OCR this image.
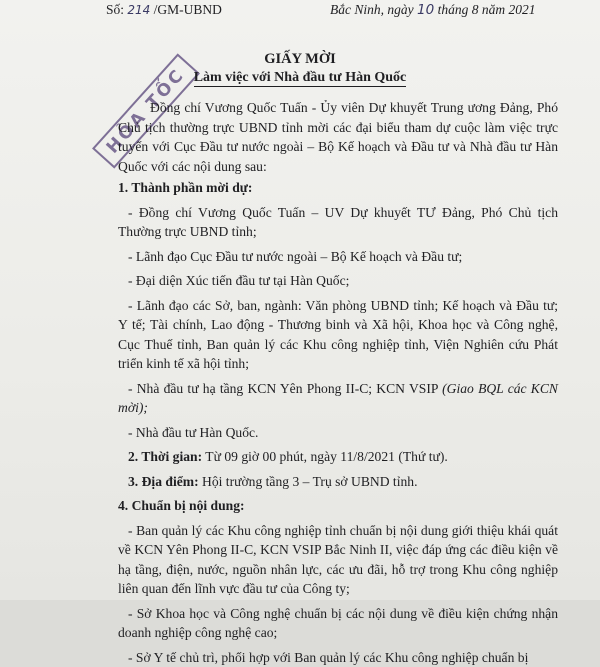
Số: 214 /GM-UBND	Bắc Ninh, ngày 10 tháng 8 năm 2021
HỎA TỐC
GIẤY MỜI
Làm việc với Nhà đầu tư Hàn Quốc

Đồng chí Vương Quốc Tuấn - Ủy viên Dự khuyết Trung ương Đảng, Phó Chủ tịch thường trực UBND tỉnh mời các đại biểu tham dự cuộc làm việc trực tuyến với Cục Đầu tư nước ngoài – Bộ Kế hoạch và Đầu tư và Nhà đầu tư Hàn Quốc với các nội dung sau:

1. Thành phần mời dự:

- Đồng chí Vương Quốc Tuấn – UV Dự khuyết TƯ Đảng, Phó Chủ tịch Thường trực UBND tỉnh;

- Lãnh đạo Cục Đầu tư nước ngoài – Bộ Kế hoạch và Đầu tư;

- Đại diện Xúc tiến đầu tư tại Hàn Quốc;

- Lãnh đạo các Sở, ban, ngành: Văn phòng UBND tỉnh; Kế hoạch và Đầu tư; Y tế; Tài chính, Lao động - Thương binh và Xã hội, Khoa học và Công nghệ, Cục Thuế tỉnh, Ban quản lý các Khu công nghiệp tỉnh, Viện Nghiên cứu Phát triển kinh tế xã hội tỉnh;

- Nhà đầu tư hạ tầng KCN Yên Phong II-C; KCN VSIP (Giao BQL các KCN mời);

- Nhà đầu tư Hàn Quốc.

2. Thời gian: Từ 09 giờ 00 phút, ngày 11/8/2021 (Thứ tư).

3. Địa điểm: Hội trường tầng 3 – Trụ sở UBND tỉnh.

4. Chuẩn bị nội dung:

- Ban quản lý các Khu công nghiệp tỉnh chuẩn bị nội dung giới thiệu khái quát về KCN Yên Phong II-C, KCN VSIP Bắc Ninh II, việc đáp ứng các điều kiện về hạ tầng, điện, nước, nguồn nhân lực, các ưu đãi, hỗ trợ trong Khu công nghiệp liên quan đến lĩnh vực đầu tư của Công ty;

- Sở Khoa học và Công nghệ chuẩn bị các nội dung về điều kiện chứng nhận doanh nghiệp công nghệ cao;

- Sở Y tế chủ trì, phối hợp với Ban quản lý các Khu công nghiệp chuẩn bị
